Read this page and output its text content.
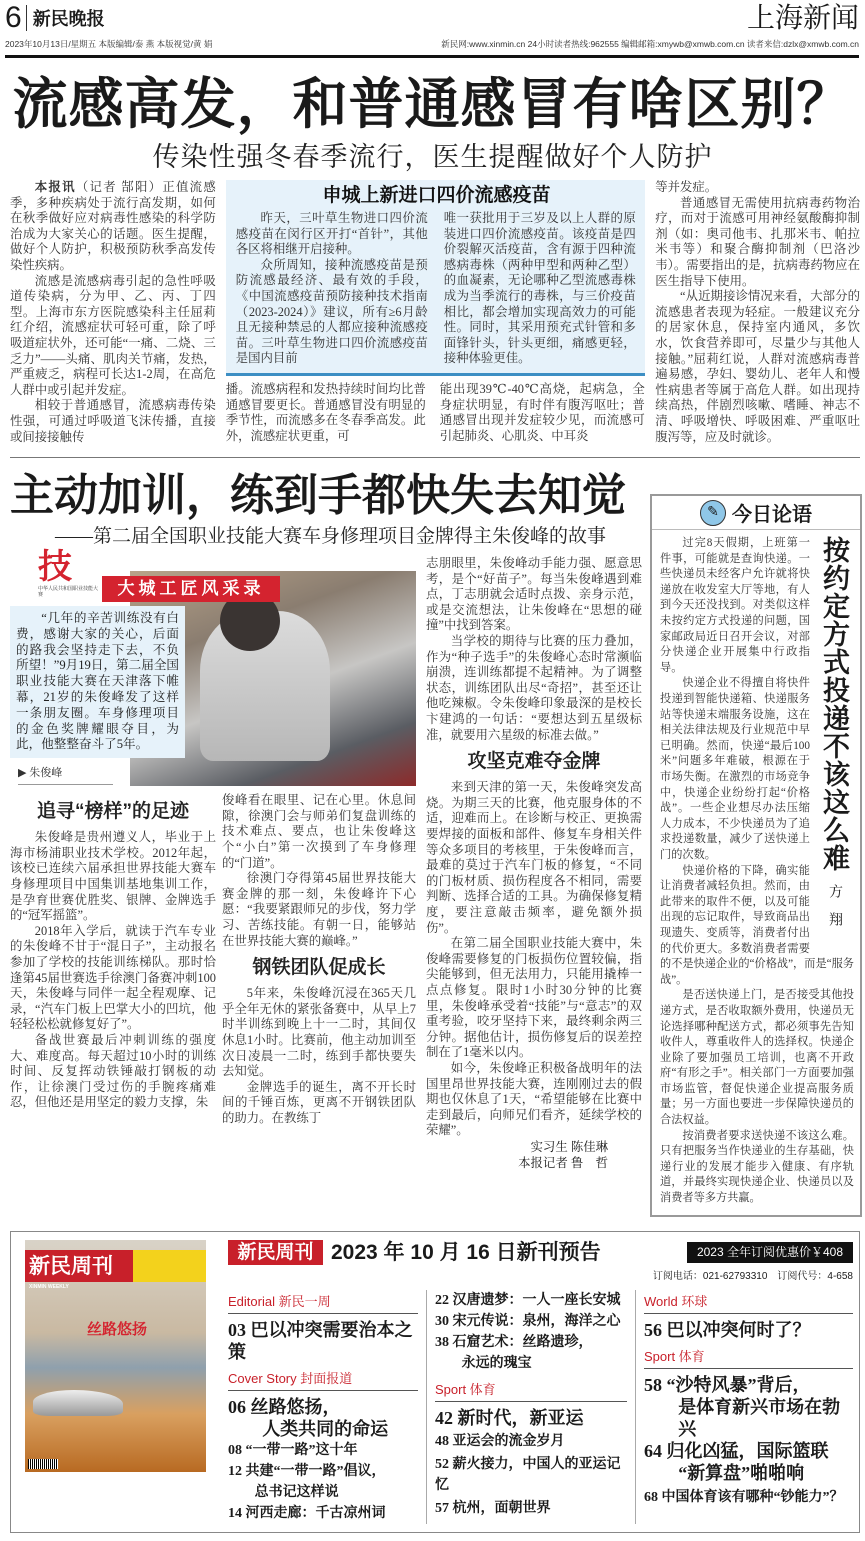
6 新民晚报	上海新闻
2023年10月13日/星期五 本版编辑/泰 燕 本版视觉/黄 娟	新民网:www.xinmin.cn 24小时读者热线:962555 编辑邮箱:xmywb@xmwb.com.cn 读者来信:dzlx@xmwb.com.cn
流感高发，和普通感冒有啥区别？
传染性强冬春季流行，医生提醒做好个人防护

本报讯（记者 郜阳）正值流感季，多种疾病处于流行高发期，如何在秋季做好应对病毒性感染的科学防治成为大家关心的话题。医生提醒，做好个人防护，积极预防秋季高发传染性疾病。

流感是流感病毒引起的急性呼吸道传染病，分为甲、乙、丙、丁四型。上海市东方医院感染科主任屈莉红介绍，流感症状可轻可重，除了呼吸道症状外，还可能“一痛、二烧、三乏力”——头痛、肌肉关节痛，发热，严重疲乏，病程可长达1-2周，在高危人群中或引起并发症。

相较于普通感冒，流感病毒传染性强，可通过呼吸道飞沫传播，直接或间接接触传

申城上新进口四价流感疫苗

昨天，三叶草生物进口四价流感疫苗在闵行区开打“首针”，其他各区将相继开启接种。

众所周知，接种流感疫苗是预防流感最经济、最有效的手段，《中国流感疫苗预防接种技术指南（2023-2024）》建议，所有≥6月龄且无接种禁忌的人都应接种流感疫苗。三叶草生物进口四价流感疫苗是国内目前

唯一获批用于三岁及以上人群的原装进口四价流感疫苗。该疫苗是四价裂解灭活疫苗，含有源于四种流感病毒株（两种甲型和两种乙型）的血凝素，无论哪种乙型流感毒株成为当季流行的毒株，与三价疫苗相比，都会增加实现高效力的可能性。同时，其采用预充式针管和多面锋针头，针头更细，痛感更轻，接种体验更佳。

播。流感病程和发热持续时间均比普通感冒要更长。普通感冒没有明显的季节性，而流感多在冬春季高发。此外，流感症状更重，可

能出现39℃-40℃高烧，起病急，全身症状明显，有时伴有腹泻呕吐；普通感冒出现并发症较少见，而流感可引起肺炎、心肌炎、中耳炎

等并发症。

普通感冒无需使用抗病毒药物治疗，而对于流感可用神经氨酸酶抑制剂（如：奥司他韦、扎那米韦、帕拉米韦等）和聚合酶抑制剂（巴洛沙韦）。需要指出的是，抗病毒药物应在医生指导下使用。

“从近期接诊情况来看，大部分的流感患者表现为轻症。一般建议充分的居家休息，保持室内通风，多饮水，饮食营养即可，尽量少与其他人接触。”屈莉红说，人群对流感病毒普遍易感，孕妇、婴幼儿、老年人和慢性病患者等属于高危人群。如出现持续高热，伴剧烈咳嗽、嗜睡、神志不清、呼吸增快、呼吸困难、严重呕吐腹泻等，应及时就诊。

主动加训，练到手都快失去知觉
——第二届全国职业技能大赛车身修理项目金牌得主朱俊峰的故事
技
中华人民共和国职业技能大赛	大城工匠风采录

“几年的辛苦训练没有白费，感谢大家的关心，后面的路我会坚持走下去，不负所望！”9月19日，第二届全国职业技能大赛在天津落下帷幕，21岁的朱俊峰发了这样一条朋友圈。车身修理项目的金色奖牌耀眼夺目，为此，他整整奋斗了5年。

▶ 朱俊峰
追寻“榜样”的足迹

朱俊峰是贵州遵义人，毕业于上海市杨浦职业技术学校。2012年起，该校已连续六届承担世界技能大赛车身修理项目中国集训基地集训工作，是孕育世赛优胜奖、银牌、金牌选手的“冠军摇篮”。

2018年入学后，就读于汽车专业的朱俊峰不甘于“混日子”，主动报名参加了学校的技能训练梯队。那时恰逢第45届世赛选手徐澳门备赛冲刺100天，朱俊峰与同伴一起全程观摩、记录，“汽车门板上巴掌大小的凹坑，他轻轻松松就修复好了”。

备战世赛最后冲刺训练的强度大、难度高。每天超过10小时的训练时间、反复挥动铁锤敲打钢板的动作，让徐澳门受过伤的手腕疼痛难忍，但他还是用坚定的毅力支撑，朱

俊峰看在眼里、记在心里。休息间隙，徐澳门会与师弟们复盘训练的技术难点、要点，也让朱俊峰这个“小白”第一次摸到了车身修理的“门道”。

徐澳门夺得第45届世界技能大赛金牌的那一刻，朱俊峰许下心愿：“我要紧跟师兄的步伐，努力学习、苦练技能。有朝一日，能够站在世界技能大赛的巅峰。”

钢铁团队促成长

5年来，朱俊峰沉浸在365天几乎全年无休的紧张备赛中，从早上7时半训练到晚上十一二时，其间仅休息1小时。比赛前，他主动加训至次日凌晨一二时，练到手都快要失去知觉。

金牌选手的诞生，离不开长时间的千锤百炼，更离不开钢铁团队的助力。在教练丁

志朋眼里，朱俊峰动手能力强、愿意思考，是个“好苗子”。每当朱俊峰遇到难点，丁志朋就会适时点拨、亲身示范，或是交流想法，让朱俊峰在“思想的碰撞”中找到答案。

当学校的期待与比赛的压力叠加，作为“种子选手”的朱俊峰心态时常濒临崩溃，连训练都提不起精神。为了调整状态，训练团队出尽“奇招”，甚至还让他吃辣椒。令朱俊峰印象最深的是校长卞建鸿的一句话：“要想达到五星级标准，就要用六星级的标准去做。”

攻坚克难夺金牌

来到天津的第一天，朱俊峰突发高烧。为期三天的比赛，他克服身体的不适，迎难而上。在诊断与校正、更换需要焊接的面板和部件、修复车身相关件等众多项目的考核里，于朱俊峰而言，最难的莫过于汽车门板的修复，“不同的门板材质、损伤程度各不相同，需要判断、选择合适的工具。为确保修复精度，要注意敲击频率，避免额外损伤”。

在第二届全国职业技能大赛中，朱俊峰需要修复的门板损伤位置较偏，指尖能够到，但无法用力，只能用撬棒一点点修复。限时1小时30分钟的比赛里，朱俊峰承受着“技能”与“意志”的双重考验，咬牙坚持下来，最终剩余两三分钟。据他估计，损伤修复后的误差控制在了1毫米以内。

如今，朱俊峰正积极备战明年的法国里昂世界技能大赛，连刚刚过去的假期也仅休息了1天，“希望能够在比赛中走到最后，向师兄们看齐，延续学校的荣耀”。

实习生 陈佳琳
本报记者 鲁　哲
✎ 今日论语
按约定方式投递不该这么难
方翔

过完8天假期，上班第一件事，可能就是查询快递。一些快递员未经客户允许就将快递放在收发室大厅等地，有人到今天还没找到。对类似这样未按约定方式投递的问题，国家邮政局近日召开会议，对部分快递企业开展集中行政指导。

快递企业不得擅自将快件投递到智能快递箱、快递服务站等快递末端服务设施，这在相关法律法规及行业规范中早已明确。然而，快递“最后100米”问题多年难破，根源在于市场失衡。在激烈的市场竞争中，快递企业纷纷打起“价格战”。一些企业想尽办法压缩人力成本，不少快递员为了追求投递数量，减少了送快递上门的次数。

快递价格的下降，确实能让消费者减轻负担。然而，由此带来的取件不便，以及可能出现的忘记取件，导致商品出现遗失、变质等，消费者付出的代价更大。多数消费者需要的不是快递企业的“价格战”，而是“服务战”。

是否送快递上门，是否接受其他投递方式，是否收取额外费用，快递员无论选择哪种配送方式，都必须事先告知收件人，尊重收件人的选择权。快递企业除了要加强员工培训，也离不开政府“有形之手”。相关部门一方面要加强市场监管，督促快递企业提高服务质量；另一方面也要进一步保障快递员的合法权益。

按消费者要求送快递不该这么难。只有把服务当作快递业的生存基础，快递行业的发展才能步入健康、有序轨道，并最终实现快递企业、快递员以及消费者等多方共赢。

新民周刊
XINMIN WEEKLY
丝路悠扬
新民周刊 2023 年 10 月 16 日新刊预告	2023 全年订阅优惠价￥408
订阅电话：021-62793310　订阅代号：4-658
Editorial 新民一周
03 巴以冲突需要治本之策
Cover Story 封面报道
06 丝路悠扬，
人类共同的命运
08 “一带一路”这十年
12 共建“一带一路”倡议，
总书记这样说
14 河西走廊：千古凉州词
22 汉唐遗梦：一人一座长安城
30 宋元传说：泉州，海洋之心
38 石窟艺术：丝路遗珍，
永远的瑰宝
Sport 体育
42 新时代，新亚运
48 亚运会的流金岁月
52 薪火接力，中国人的亚运记忆
57 杭州，面朝世界
World 环球
56 巴以冲突何时了？
Sport 体育
58 “沙特风暴”背后，
是体育新兴市场在勃兴
64 归化凶猛，国际篮联
“新算盘”啪啪响
68 中国体育该有哪种“钞能力”？
